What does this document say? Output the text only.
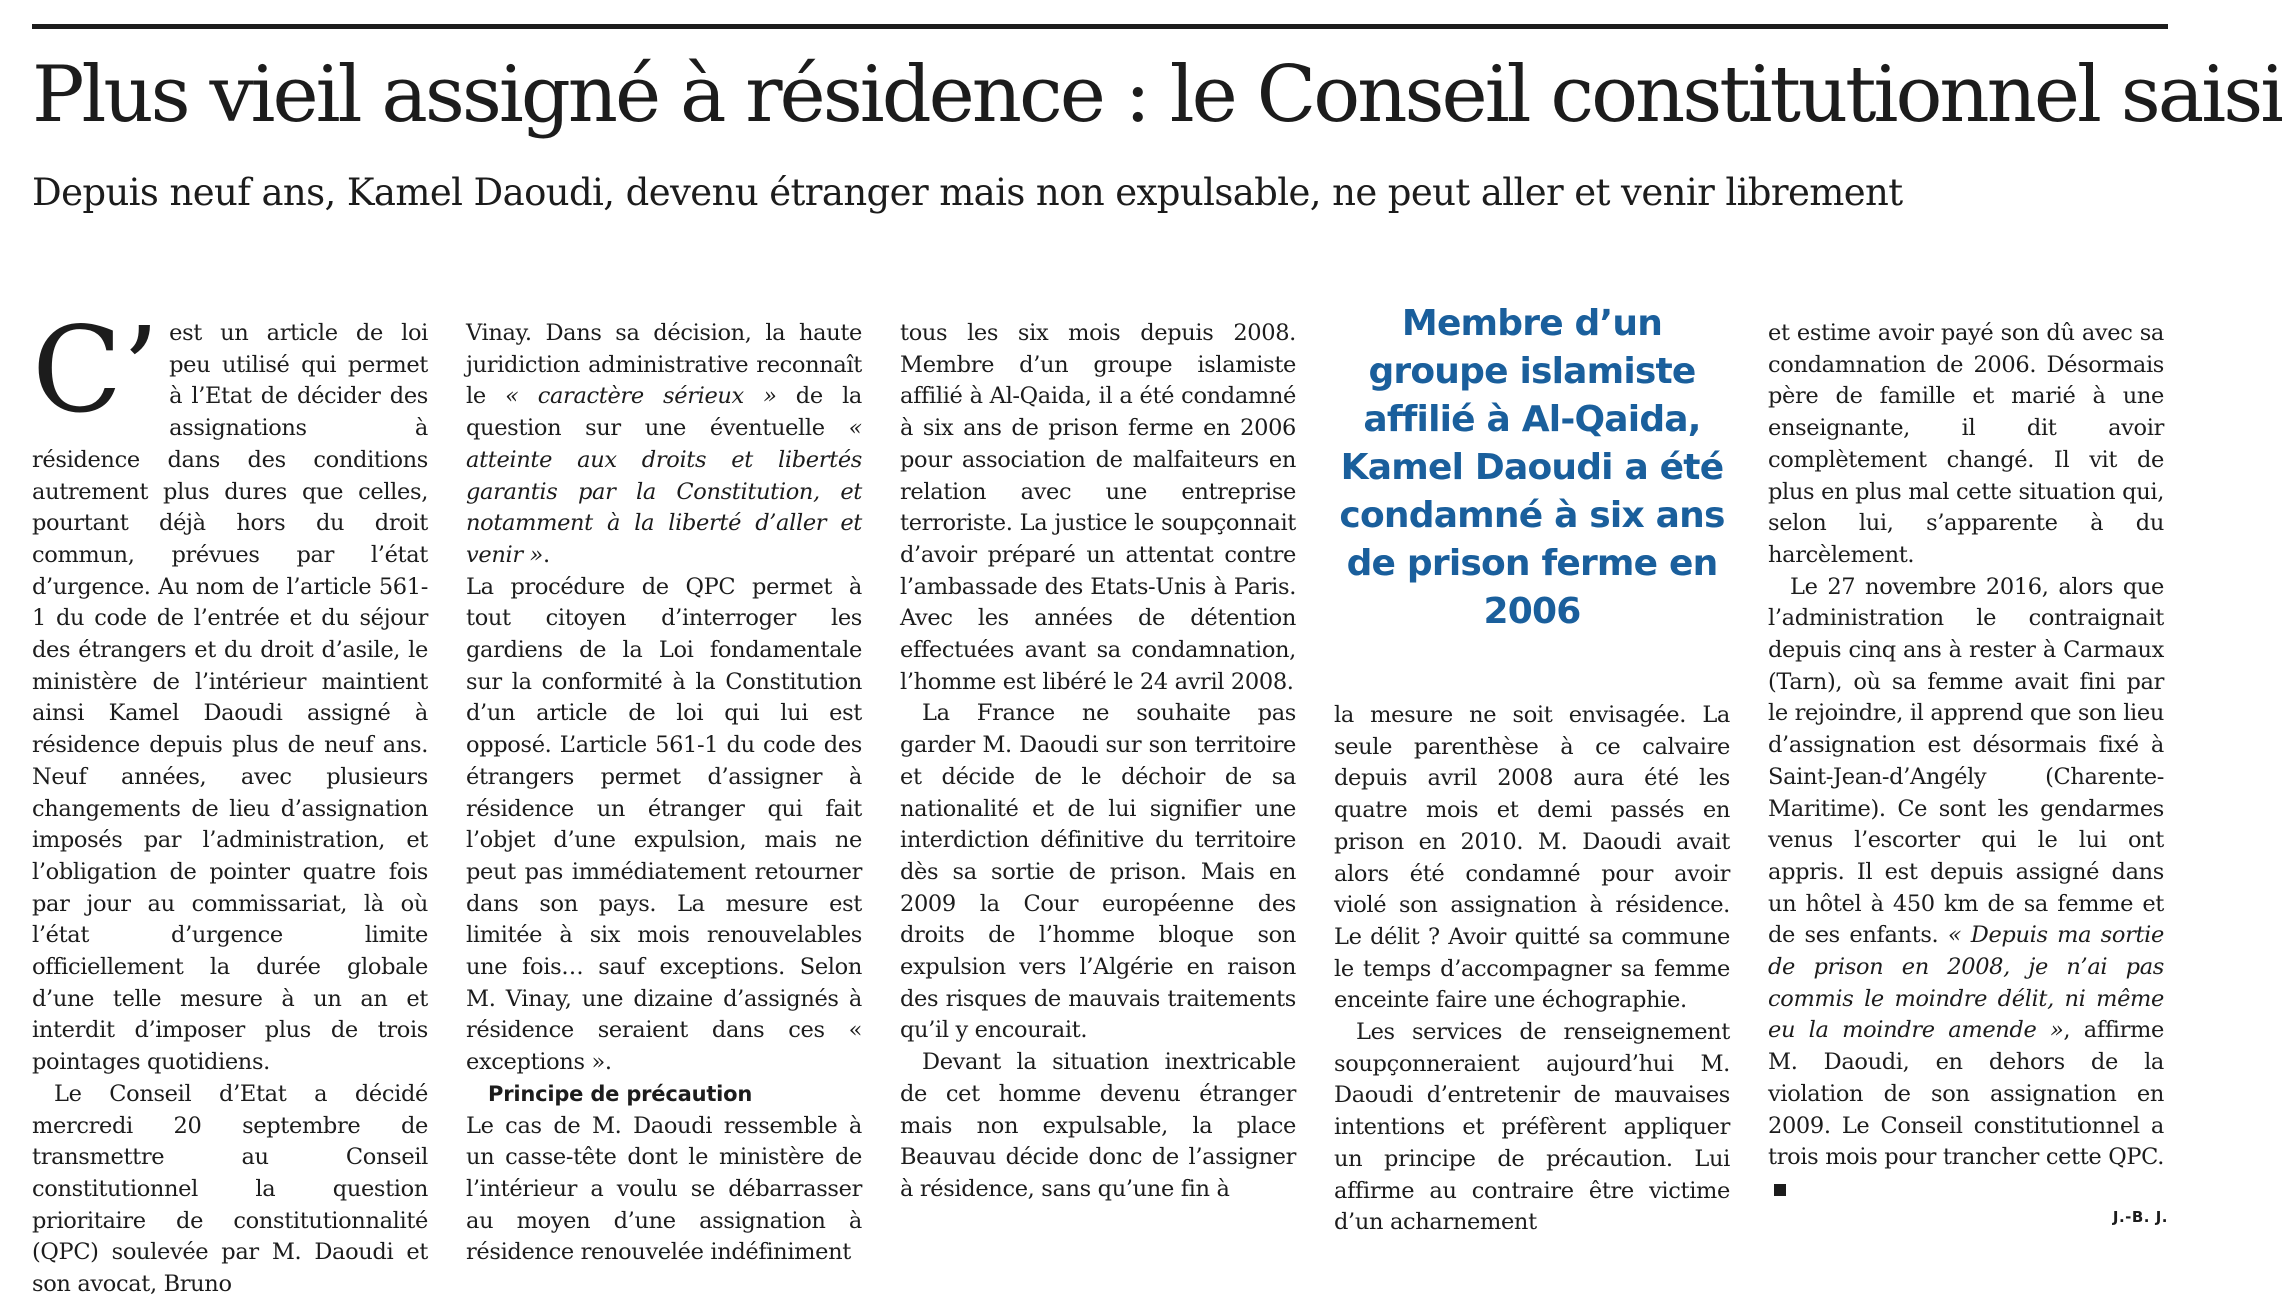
Plus vieil assigné à résidence : le Conseil constitutionnel saisi
Depuis neuf ans, Kamel Daoudi, devenu étranger mais non expulsable, ne peut aller et venir librement

C’ est un article de loi peu utilisé qui permet à l’Etat de décider des assignations à résidence dans des conditions autrement plus dures que celles, pourtant déjà hors du droit commun, prévues par l’état d’urgence. Au nom de l’article 561-1 du code de l’entrée et du séjour des étrangers et du droit d’asile, le ministère de l’intérieur maintient ainsi Kamel Daoudi assigné à résidence depuis plus de neuf ans. Neuf années, avec plusieurs changements de lieu d’assignation imposés par l’administration, et l’obligation de pointer quatre fois par jour au commissariat, là où l’état d’urgence limite officiellement la durée globale d’une telle mesure à un an et interdit d’imposer plus de trois pointages quotidiens.

Le Conseil d’Etat a décidé mercredi 20 septembre de transmettre au Conseil constitutionnel la question prioritaire de constitutionnalité (QPC) soulevée par M. Daoudi et son avocat, Bruno

Vinay. Dans sa décision, la haute juridiction administrative reconnaît le « caractère sérieux » de la question sur une éventuelle « atteinte aux droits et libertés garantis par la Constitution, et notamment à la liberté d’aller et venir ».

La procédure de QPC permet à tout citoyen d’interroger les gardiens de la Loi fondamentale sur la conformité à la Constitution d’un article de loi qui lui est opposé. L’article 561-1 du code des étrangers permet d’assigner à résidence un étranger qui fait l’objet d’une expulsion, mais ne peut pas immédiatement retourner dans son pays. La mesure est limitée à six mois renouvelables une fois… sauf exceptions. Selon M. Vinay, une dizaine d’assignés à résidence seraient dans ces « exceptions ».

Principe de précaution

Le cas de M. Daoudi ressemble à un casse-tête dont le ministère de l’intérieur a voulu se débarrasser au moyen d’une assignation à résidence renouvelée indéfiniment

tous les six mois depuis 2008. Membre d’un groupe islamiste affilié à Al-Qaida, il a été condamné à six ans de prison ferme en 2006 pour association de malfaiteurs en relation avec une entreprise terroriste. La justice le soupçonnait d’avoir préparé un attentat contre l’ambassade des Etats-Unis à Paris. Avec les années de détention effectuées avant sa condamnation, l’homme est libéré le 24 avril 2008.

La France ne souhaite pas garder M. Daoudi sur son territoire et décide de le déchoir de sa nationalité et de lui signifier une interdiction définitive du territoire dès sa sortie de prison. Mais en 2009 la Cour européenne des droits de l’homme bloque son expulsion vers l’Algérie en raison des risques de mauvais traitements qu’il y encourait.

Devant la situation inextricable de cet homme devenu étranger mais non expulsable, la place Beauvau décide donc de l’assigner à résidence, sans qu’une fin à

Membre d’un groupe islamiste affilié à Al-Qaida, Kamel Daoudi a été condamné à six ans de prison ferme en 2006

la mesure ne soit envisagée. La seule parenthèse à ce calvaire depuis avril 2008 aura été les quatre mois et demi passés en prison en 2010. M. Daoudi avait alors été condamné pour avoir violé son assignation à résidence. Le délit ? Avoir quitté sa commune le temps d’accompagner sa femme enceinte faire une échographie.

Les services de renseignement soupçonneraient aujourd’hui M. Daoudi d’entretenir de mauvaises intentions et préfèrent appliquer un principe de précaution. Lui affirme au contraire être victime d’un acharnement

et estime avoir payé son dû avec sa condamnation de 2006. Désormais père de famille et marié à une enseignante, il dit avoir complètement changé. Il vit de plus en plus mal cette situation qui, selon lui, s’apparente à du harcèlement.

Le 27 novembre 2016, alors que l’administration le contraignait depuis cinq ans à rester à Carmaux (Tarn), où sa femme avait fini par le rejoindre, il apprend que son lieu d’assignation est désormais fixé à Saint-Jean-d’Angély (Charente-Maritime). Ce sont les gendarmes venus l’escorter qui le lui ont appris. Il est depuis assigné dans un hôtel à 450 km de sa femme et de ses enfants. « Depuis ma sortie de prison en 2008, je n’ai pas commis le moindre délit, ni même eu la moindre amende », affirme M. Daoudi, en dehors de la violation de son assignation en 2009. Le Conseil constitutionnel a trois mois pour trancher cette QPC.

J.-B. J.
